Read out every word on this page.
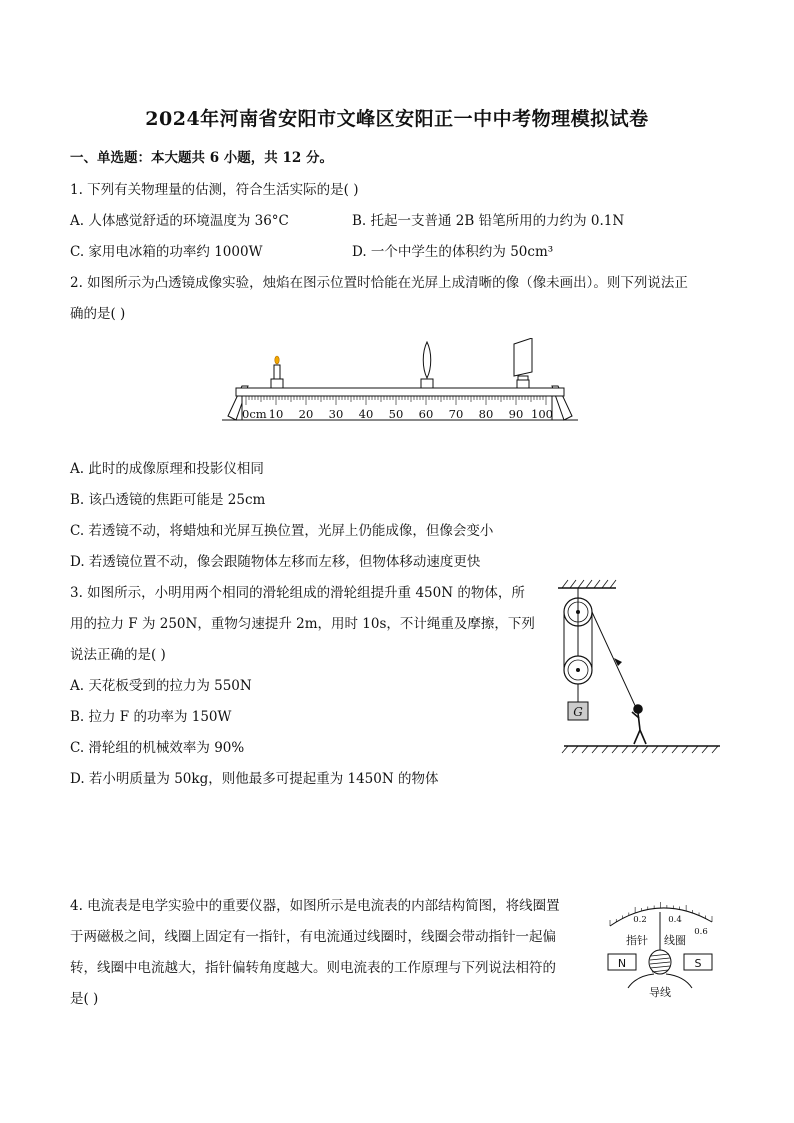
2024年河南省安阳市文峰区安阳正一中中考物理模拟试卷
一、单选题：本大题共 6 小题，共 12 分。
1. 下列有关物理量的估测，符合生活实际的是( )
A. 人体感觉舒适的环境温度为 36°C	B. 托起一支普通 2B 铅笔所用的力约为 0.1N
C. 家用电冰箱的功率约 1000W	D. 一个中学生的体积约为 50cm³
2. 如图所示为凸透镜成像实验，烛焰在图示位置时恰能在光屏上成清晰的像（像未画出）。则下列说法正
确的是( )
0cm 10 20 30 40 50 60 70 80 90 100
A. 此时的成像原理和投影仪相同
B. 该凸透镜的焦距可能是 25cm
C. 若透镜不动，将蜡烛和光屏互换位置，光屏上仍能成像，但像会变小
D. 若透镜位置不动，像会跟随物体左移而左移，但物体移动速度更快
3. 如图所示，小明用两个相同的滑轮组成的滑轮组提升重 450N 的物体，所
用的拉力 F 为 250N，重物匀速提升 2m，用时 10s，不计绳重及摩擦，下列
说法正确的是( )
A. 天花板受到的拉力为 550N
B. 拉力 F 的功率为 150W
C. 滑轮组的机械效率为 90%
D. 若小明质量为 50kg，则他最多可提起重为 1450N 的物体
G
4. 电流表是电学实验中的重要仪器，如图所示是电流表的内部结构简图，将线圈置
于两磁极之间，线圈上固定有一指针，有电流通过线圈时，线圈会带动指针一起偏
转，线圈中电流越大，指针偏转角度越大。则电流表的工作原理与下列说法相符的
是( )
0.2	0.4
0.6
指针 线圈
N	S
导线
